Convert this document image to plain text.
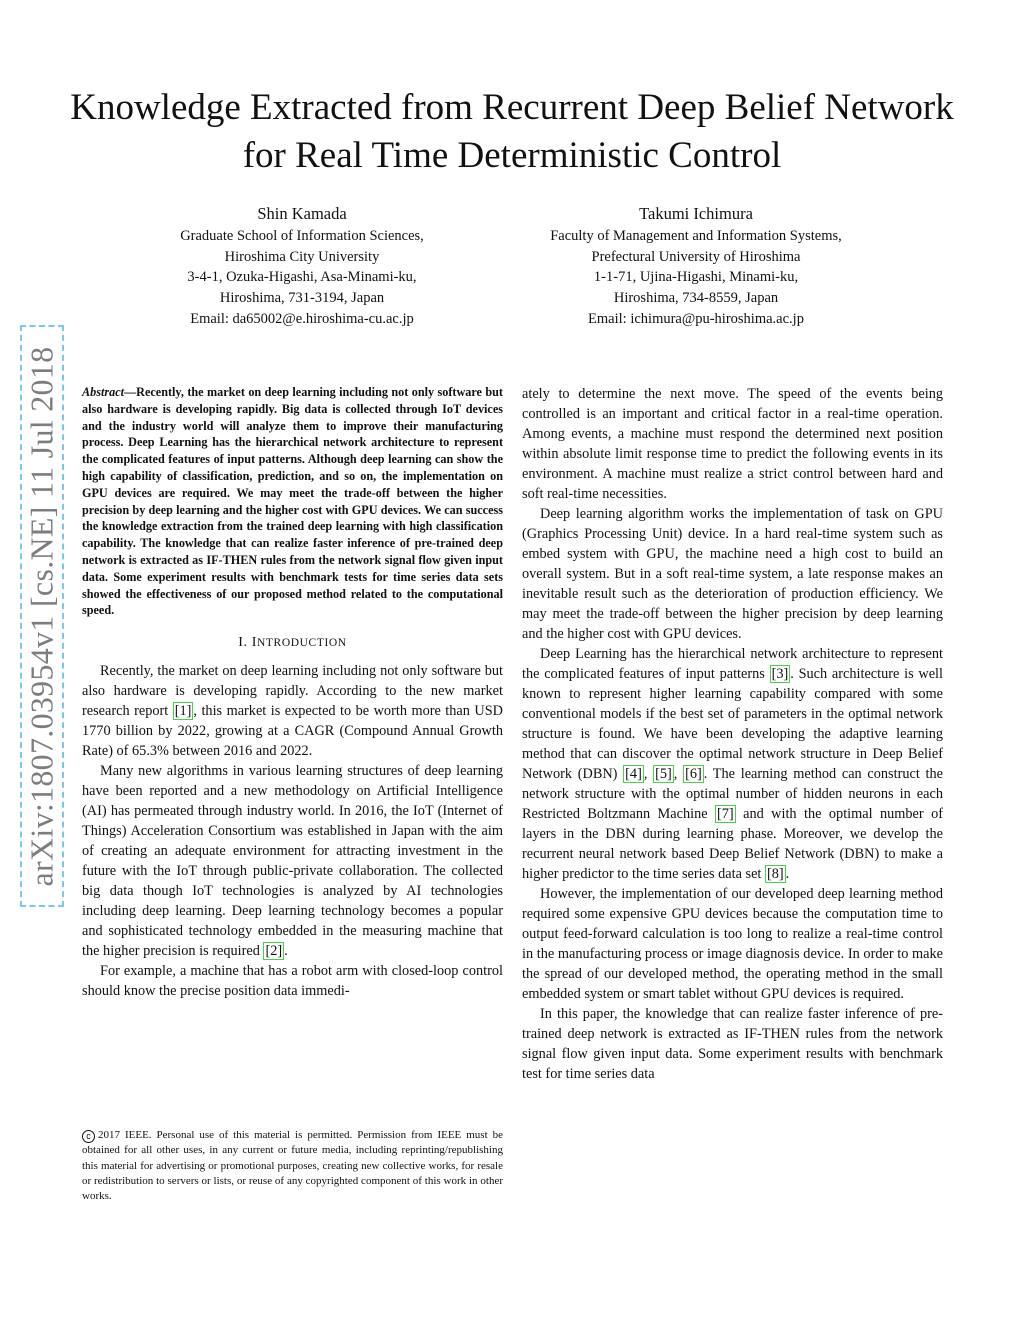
Knowledge Extracted from Recurrent Deep Belief Network for Real Time Deterministic Control
Shin Kamada
Graduate School of Information Sciences,
Hiroshima City University
3-4-1, Ozuka-Higashi, Asa-Minami-ku,
Hiroshima, 731-3194, Japan
Email: da65002@e.hiroshima-cu.ac.jp
Takumi Ichimura
Faculty of Management and Information Systems,
Prefectural University of Hiroshima
1-1-71, Ujina-Higashi, Minami-ku,
Hiroshima, 734-8559, Japan
Email: ichimura@pu-hiroshima.ac.jp
arXiv:1807.03954v1 [cs.NE] 11 Jul 2018 Abstract—Recently, the market on deep learning including not only software but also hardware is developing rapidly. Big data is collected through IoT devices and the industry world will analyze them to improve their manufacturing process. Deep Learning has the hierarchical network architecture to represent the complicated features of input patterns. Although deep learning can show the high capability of classification, prediction, and so on, the implementation on GPU devices are required. We may meet the trade-off between the higher precision by deep learning and the higher cost with GPU devices. We can success the knowledge extraction from the trained deep learning with high classification capability. The knowledge that can realize faster inference of pre-trained deep network is extracted as IF-THEN rules from the network signal flow given input data. Some experiment results with benchmark tests for time series data sets showed the effectiveness of our proposed method related to the computational speed.

I. INTRODUCTION

Recently, the market on deep learning including not only software but also hardware is developing rapidly. According to the new market research report [1] , this market is expected to be worth more than USD 1770 billion by 2022, growing at a CAGR (Compound Annual Growth Rate) of 65.3% between 2016 and 2022.

Many new algorithms in various learning structures of deep learning have been reported and a new methodology on Artificial Intelligence (AI) has permeated through industry world. In 2016, the IoT (Internet of Things) Acceleration Consortium was established in Japan with the aim of creating an adequate environment for attracting investment in the future with the IoT through public-private collaboration. The collected big data though IoT technologies is analyzed by AI technologies including deep learning. Deep learning technology becomes a popular and sophisticated technology embedded in the measuring machine that the higher precision is required [2] .

For example, a machine that has a robot arm with closed-loop control should know the precise position data immedi-

c 2017 IEEE. Personal use of this material is permitted. Permission from IEEE must be obtained for all other uses, in any current or future media, including reprinting/republishing this material for advertising or promotional purposes, creating new collective works, for resale or redistribution to servers or lists, or reuse of any copyrighted component of this work in other works.

ately to determine the next move. The speed of the events being controlled is an important and critical factor in a real-time operation. Among events, a machine must respond the determined next position within absolute limit response time to predict the following events in its environment. A machine must realize a strict control between hard and soft real-time necessities.

Deep learning algorithm works the implementation of task on GPU (Graphics Processing Unit) device. In a hard real-time system such as embed system with GPU, the machine need a high cost to build an overall system. But in a soft real-time system, a late response makes an inevitable result such as the deterioration of production efficiency. We may meet the trade-off between the higher precision by deep learning and the higher cost with GPU devices.

Deep Learning has the hierarchical network architecture to represent the complicated features of input patterns [3] . Such architecture is well known to represent higher learning capability compared with some conventional models if the best set of parameters in the optimal network structure is found. We have been developing the adaptive learning method that can discover the optimal network structure in Deep Belief Network (DBN) [4] , [5] , [6] . The learning method can construct the network structure with the optimal number of hidden neurons in each Restricted Boltzmann Machine [7] and with the optimal number of layers in the DBN during learning phase. Moreover, we develop the recurrent neural network based Deep Belief Network (DBN) to make a higher predictor to the time series data set [8] .

However, the implementation of our developed deep learning method required some expensive GPU devices because the computation time to output feed-forward calculation is too long to realize a real-time control in the manufacturing process or image diagnosis device. In order to make the spread of our developed method, the operating method in the small embedded system or smart tablet without GPU devices is required.

In this paper, the knowledge that can realize faster inference of pre-trained deep network is extracted as IF-THEN rules from the network signal flow given input data. Some experiment results with benchmark test for time series data
